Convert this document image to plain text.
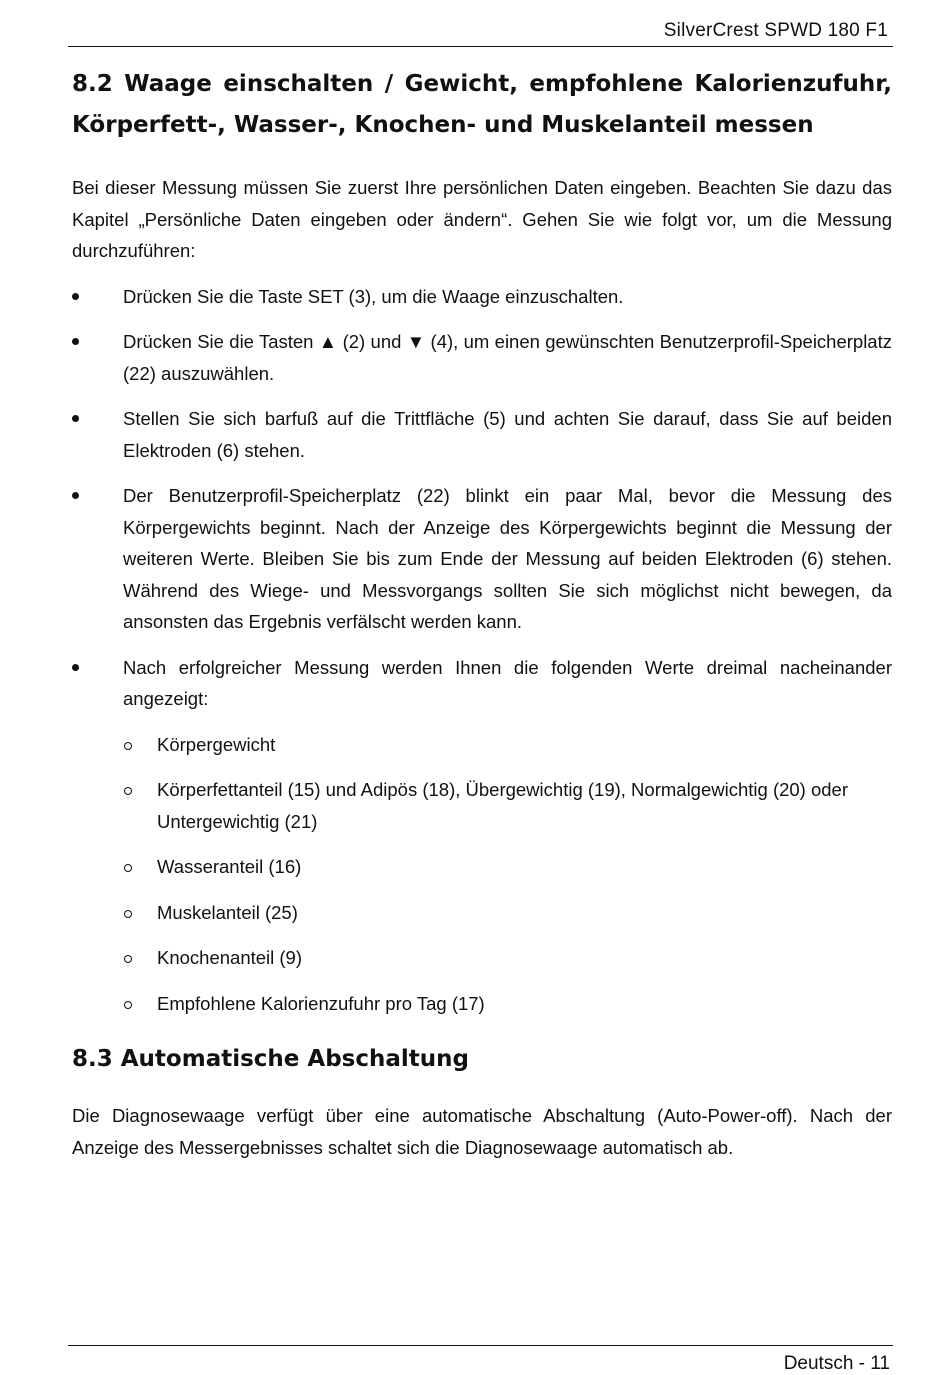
SilverCrest SPWD 180 F1
8.2 Waage einschalten / Gewicht, empfohlene Kalorienzufuhr, Körperfett-, Wasser-, Knochen- und Muskelanteil messen

Bei dieser Messung müssen Sie zuerst Ihre persönlichen Daten eingeben. Beachten Sie dazu das Kapitel „Persönliche Daten eingeben oder ändern“. Gehen Sie wie folgt vor, um die Messung durchzuführen:

Drücken Sie die Taste SET (3), um die Waage einzuschalten.
Drücken Sie die Tasten ▲ (2) und ▼ (4), um einen gewünschten Benutzerprofil-Speicherplatz (22) auszuwählen.
Stellen Sie sich barfuß auf die Trittfläche (5) und achten Sie darauf, dass Sie auf beiden Elektroden (6) stehen.
Der Benutzerprofil-Speicherplatz (22) blinkt ein paar Mal, bevor die Messung des Körpergewichts beginnt. Nach der Anzeige des Körpergewichts beginnt die Messung der weiteren Werte. Bleiben Sie bis zum Ende der Messung auf beiden Elektroden (6) stehen. Während des Wiege- und Messvorgangs sollten Sie sich möglichst nicht bewegen, da ansonsten das Ergebnis verfälscht werden kann.
Nach erfolgreicher Messung werden Ihnen die folgenden Werte dreimal nacheinander angezeigt:
Körpergewicht
Körperfettanteil (15) und Adipös (18), Übergewichtig (19), Normalgewichtig (20) oder Untergewichtig (21)
Wasseranteil (16)
Muskelanteil (25)
Knochenanteil (9)
Empfohlene Kalorienzufuhr pro Tag (17)
8.3 Automatische Abschaltung

Die Diagnosewaage verfügt über eine automatische Abschaltung (Auto-Power-off). Nach der Anzeige des Messergebnisses schaltet sich die Diagnosewaage automatisch ab.

Deutsch - 11
